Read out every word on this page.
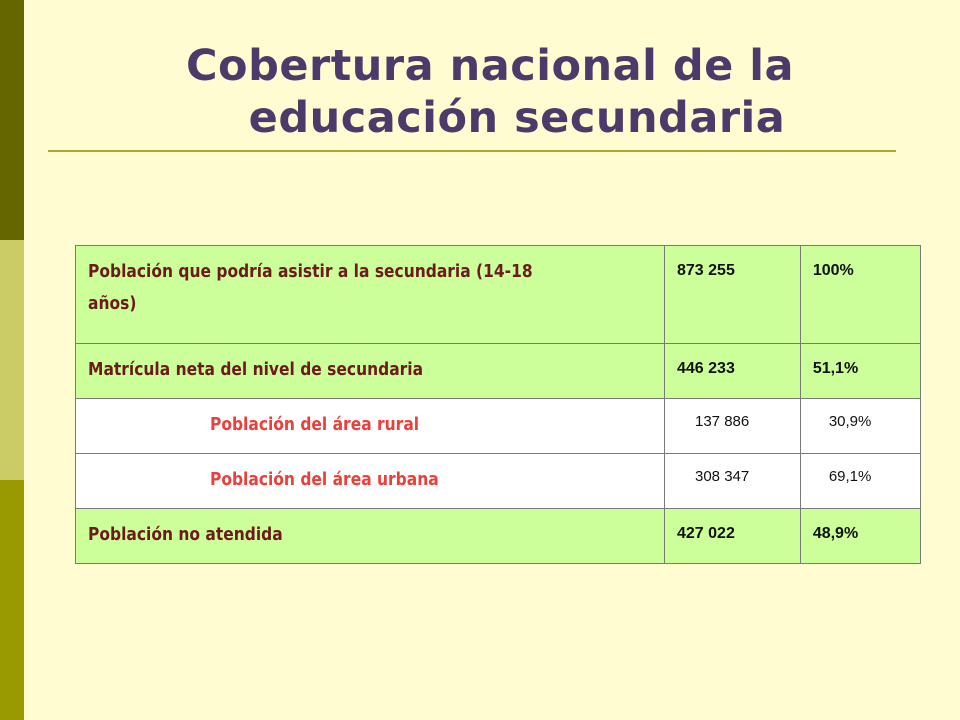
Cobertura nacional de la
educación secundaria
Población que podría asistir a la secundaria (14-18 años)	873 255	100%

Matrícula neta del nivel de secundaria	446 233	51,1%

Población del área rural	137 886	30,9%

Población del área urbana	308 347	69,1%

Población no atendida	427 022	48,9%
